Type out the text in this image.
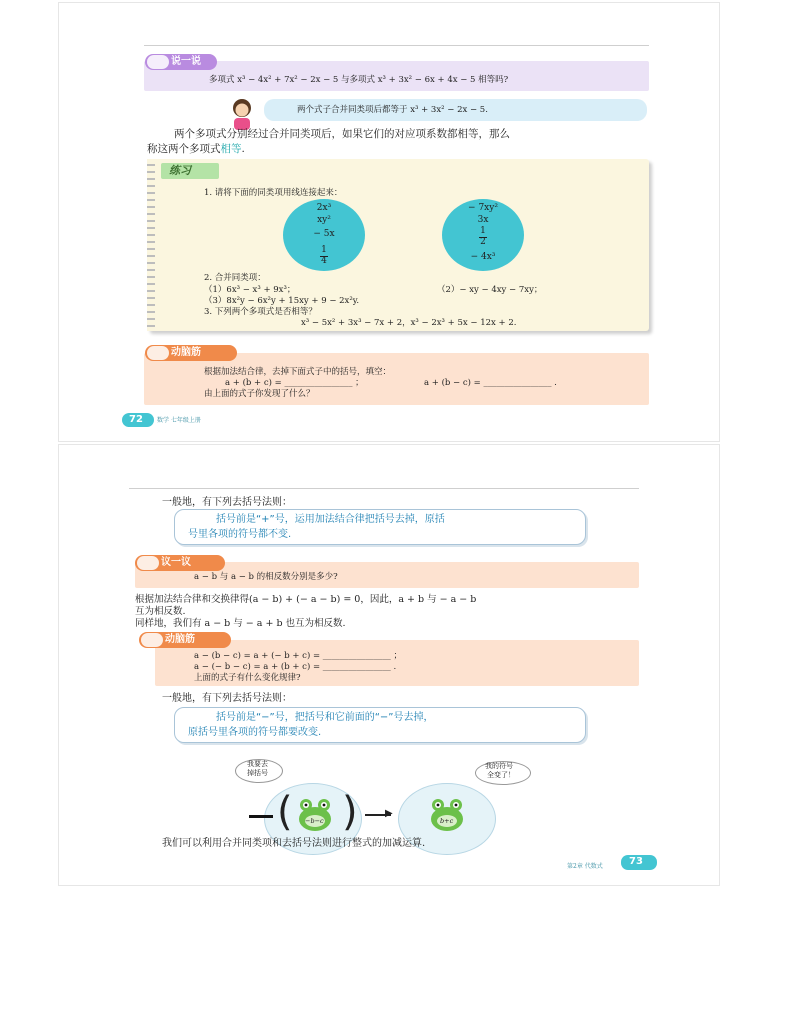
说一说
多项式 x³ − 4x² + 7x² − 2x − 5 与多项式 x³ + 3x² − 6x + 4x − 5 相等吗?
两个式子合并同类项后都等于 x³ + 3x² − 2x − 5.
两个多项式分别经过合并同类项后，如果它们的对应项系数都相等，那么
称这两个多项式相等.
练习
1. 请将下面的同类项用线连接起来：
2x³
xy²
− 5x
1
4
− 7xy²
3x
1
2
− 4x³
2. 合并同类项：
（1）6x³ − x³ + 9x³；	（2）− xy − 4xy − 7xy；
（3）8x²y − 6x²y + 15xy + 9 − 2x²y.
3. 下列两个多项式是否相等？
x³ − 5x² + 3x³ − 7x + 2，x³ − 2x³ + 5x − 12x + 2.
动脑筋
根据加法结合律，去掉下面式子中的括号，填空：
a + (b + c) = ________________ ；	a + (b − c) = ________________ .
由上面的式子你发现了什么？
72 数学 七年级上册
一般地，有下列去括号法则：
括号前是“+”号，运用加法结合律把括号去掉，原括
号里各项的符号都不变.
议一议
a − b 与 a − b 的相反数分别是多少?
根据加法结合律和交换律得(a − b) + (− a − b) = 0，因此，a + b 与 − a − b
互为相反数.
同样地，我们有 a − b 与 − a + b 也互为相反数.
动脑筋
a − (b − c) = a + (− b + c) = ________________ ；
a − (− b − c) = a + (b + c) = ________________ .
上面的式子有什么变化规律?
一般地，有下列去括号法则：
括号前是“−”号，把括号和它前面的“−”号去掉，
原括号里各项的符号都要改变.
( )
−b−c	b+c
▶
我要去
掉括号
我的符号
全变了！
我们可以利用合并同类项和去括号法则进行整式的加减运算.
第2章 代数式	73
